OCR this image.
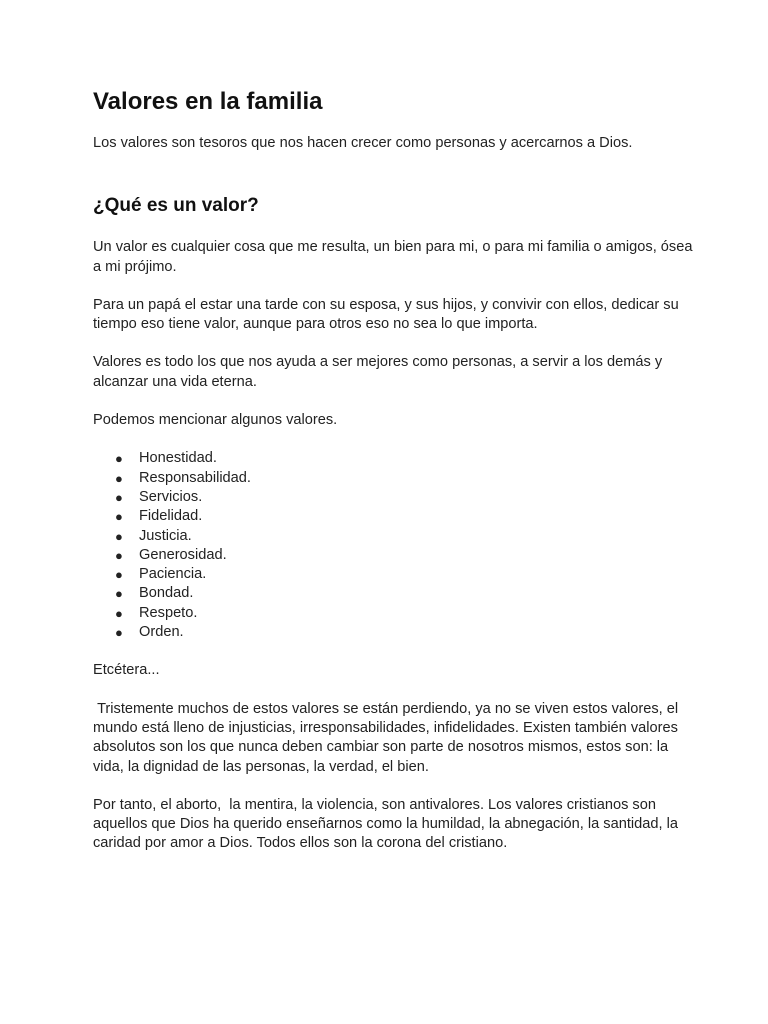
Valores en la familia

Los valores son tesoros que nos hacen crecer como personas y acercarnos a Dios.

¿Qué es un valor?

Un valor es cualquier cosa que me resulta, un bien para mi, o para mi familia o amigos, ósea a mi prójimo.

Para un papá el estar una tarde con su esposa, y sus hijos, y convivir con ellos, dedicar su tiempo eso tiene valor, aunque para otros eso no sea lo que importa.

Valores es todo los que nos ayuda a ser mejores como personas, a servir a los demás y alcanzar una vida eterna.

Podemos mencionar algunos valores.

● Honestidad.
● Responsabilidad.
● Servicios.
● Fidelidad.
● Justicia.
● Generosidad.
● Paciencia.
● Bondad.
● Respeto.
● Orden.

Etcétera...

Tristemente muchos de estos valores se están perdiendo, ya no se viven estos valores, el mundo está lleno de injusticias, irresponsabilidades, infidelidades. Existen también valores absolutos son los que nunca deben cambiar son parte de nosotros mismos, estos son: la vida, la dignidad de las personas, la verdad, el bien.

Por tanto, el aborto,  la mentira, la violencia, son antivalores. Los valores cristianos son aquellos que Dios ha querido enseñarnos como la humildad, la abnegación, la santidad, la caridad por amor a Dios. Todos ellos son la corona del cristiano.
